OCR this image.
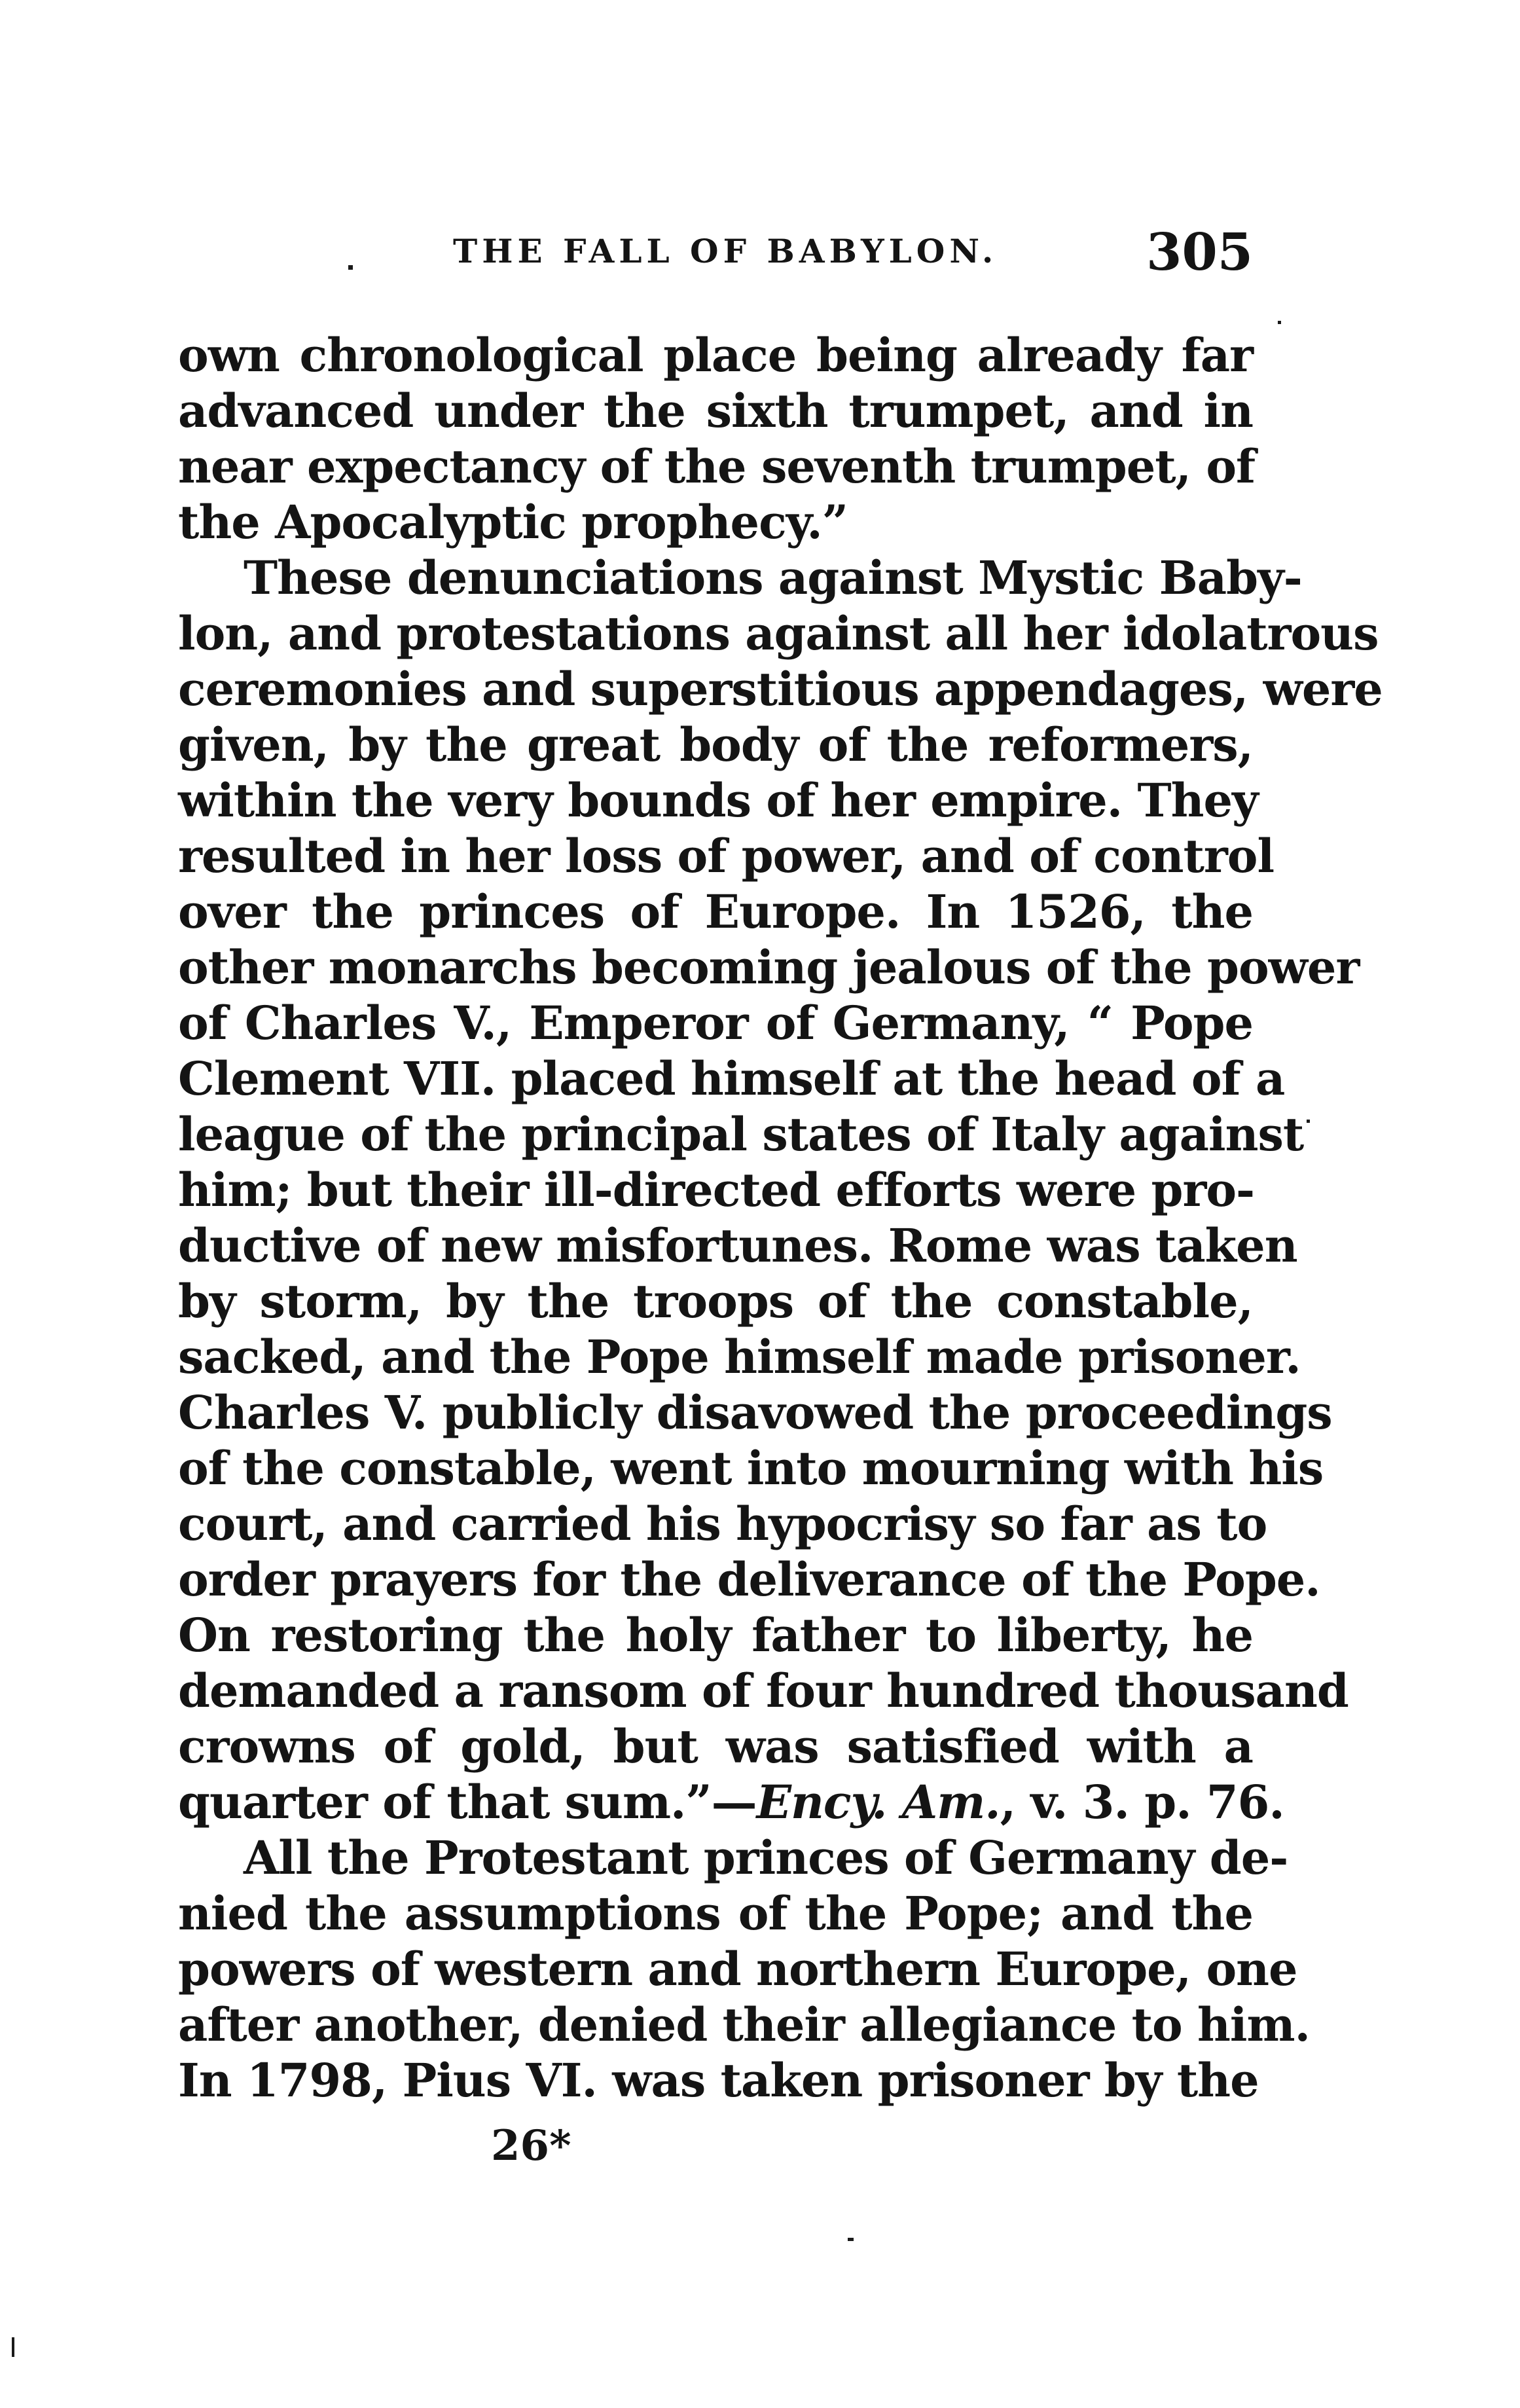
THE FALL OF BABYLON.	305
own chronological place being already far
advanced under the sixth trumpet, and in
near expectancy of the seventh trumpet, of
the Apocalyptic prophecy.”
These denunciations against Mystic Baby-
lon, and protestations against all her idolatrous
ceremonies and superstitious appendages, were
given, by the great body of the reformers,
within the very bounds of her empire. They
resulted in her loss of power, and of control
over the princes of Europe. In 1526, the
other monarchs becoming jealous of the power
of Charles V., Emperor of Germany, “ Pope
Clement VII. placed himself at the head of a
league of the principal states of Italy against
him; but their ill-directed efforts were pro-
ductive of new misfortunes. Rome was taken
by storm, by the troops of the constable,
sacked, and the Pope himself made prisoner.
Charles V. publicly disavowed the proceedings
of the constable, went into mourning with his
court, and carried his hypocrisy so far as to
order prayers for the deliverance of the Pope.
On restoring the holy father to liberty, he
demanded a ransom of four hundred thousand
crowns of gold, but was satisfied with a
quarter of that sum.”—Ency. Am., v. 3. p. 76.
All the Protestant princes of Germany de-
nied the assumptions of the Pope; and the
powers of western and northern Europe, one
after another, denied their allegiance to him.
In 1798, Pius VI. was taken prisoner by the
26*
